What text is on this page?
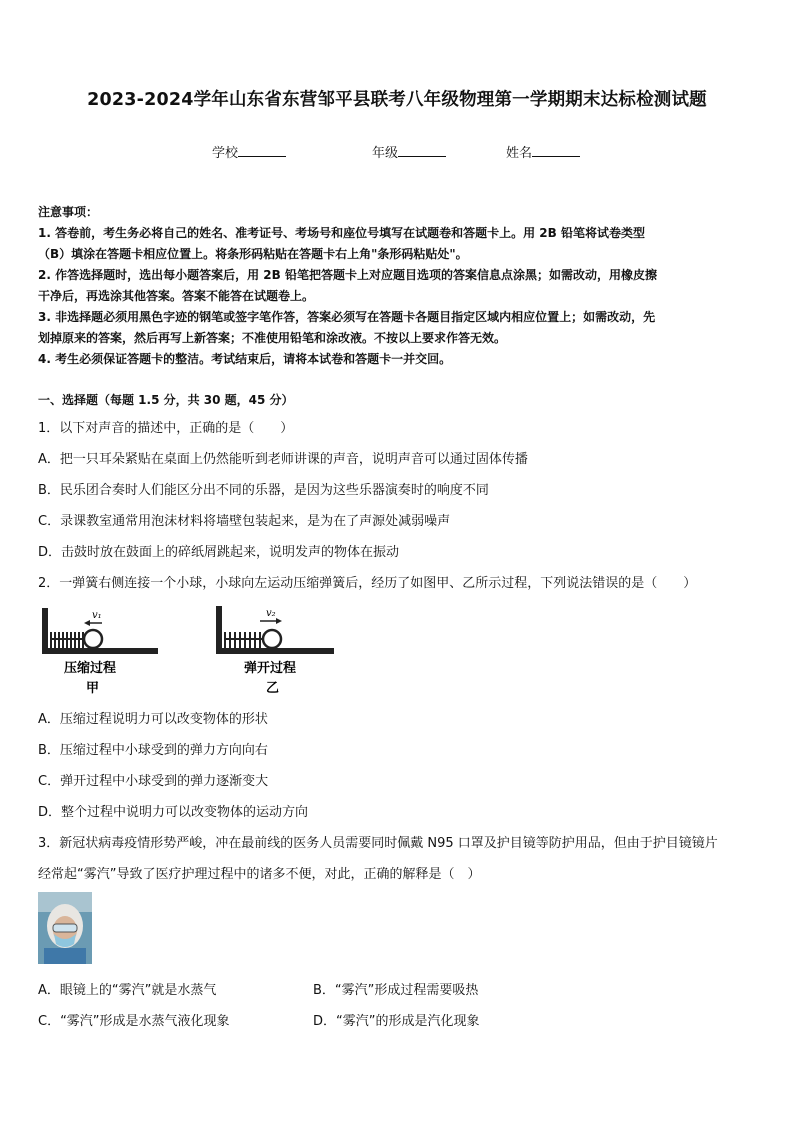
2023-2024学年山东省东营邹平县联考八年级物理第一学期期末达标检测试题
学校	年级	姓名
注意事项：
1. 答卷前，考生务必将自己的姓名、准考证号、考场号和座位号填写在试题卷和答题卡上。用 2B 铅笔将试卷类型
（B）填涂在答题卡相应位置上。将条形码粘贴在答题卡右上角"条形码粘贴处"。
2. 作答选择题时，选出每小题答案后，用 2B 铅笔把答题卡上对应题目选项的答案信息点涂黑；如需改动，用橡皮擦
干净后，再选涂其他答案。答案不能答在试题卷上。
3. 非选择题必须用黑色字迹的钢笔或签字笔作答，答案必须写在答题卡各题目指定区域内相应位置上；如需改动，先
划掉原来的答案，然后再写上新答案；不准使用铅笔和涂改液。不按以上要求作答无效。
4. 考生必须保证答题卡的整洁。考试结束后，请将本试卷和答题卡一并交回。
一、选择题（每题 1.5 分，共 30 题，45 分）
1．以下对声音的描述中，正确的是（　　）
A．把一只耳朵紧贴在桌面上仍然能听到老师讲课的声音，说明声音可以通过固体传播
B．民乐团合奏时人们能区分出不同的乐器，是因为这些乐器演奏时的响度不同
C．录课教室通常用泡沫材料将墙壁包装起来，是为在了声源处减弱噪声
D．击鼓时放在鼓面上的碎纸屑跳起来，说明发声的物体在振动
2．一弹簧右侧连接一个小球，小球向左运动压缩弹簧后，经历了如图甲、乙所示过程，下列说法错误的是（　　）
v₁
压缩过程
甲
v₂
弹开过程
乙
A．压缩过程说明力可以改变物体的形状
B．压缩过程中小球受到的弹力方向向右
C．弹开过程中小球受到的弹力逐渐变大
D．整个过程中说明力可以改变物体的运动方向
3．新冠状病毒疫情形势严峻，冲在最前线的医务人员需要同时佩戴 N95 口罩及护目镜等防护用品，但由于护目镜镜片
经常起“雾汽”导致了医疗护理过程中的诸多不便，对此，正确的解释是（　）
A．眼镜上的“雾汽”就是水蒸气	B．“雾汽”形成过程需要吸热
C．“雾汽”形成是水蒸气液化现象	D．“雾汽”的形成是汽化现象
